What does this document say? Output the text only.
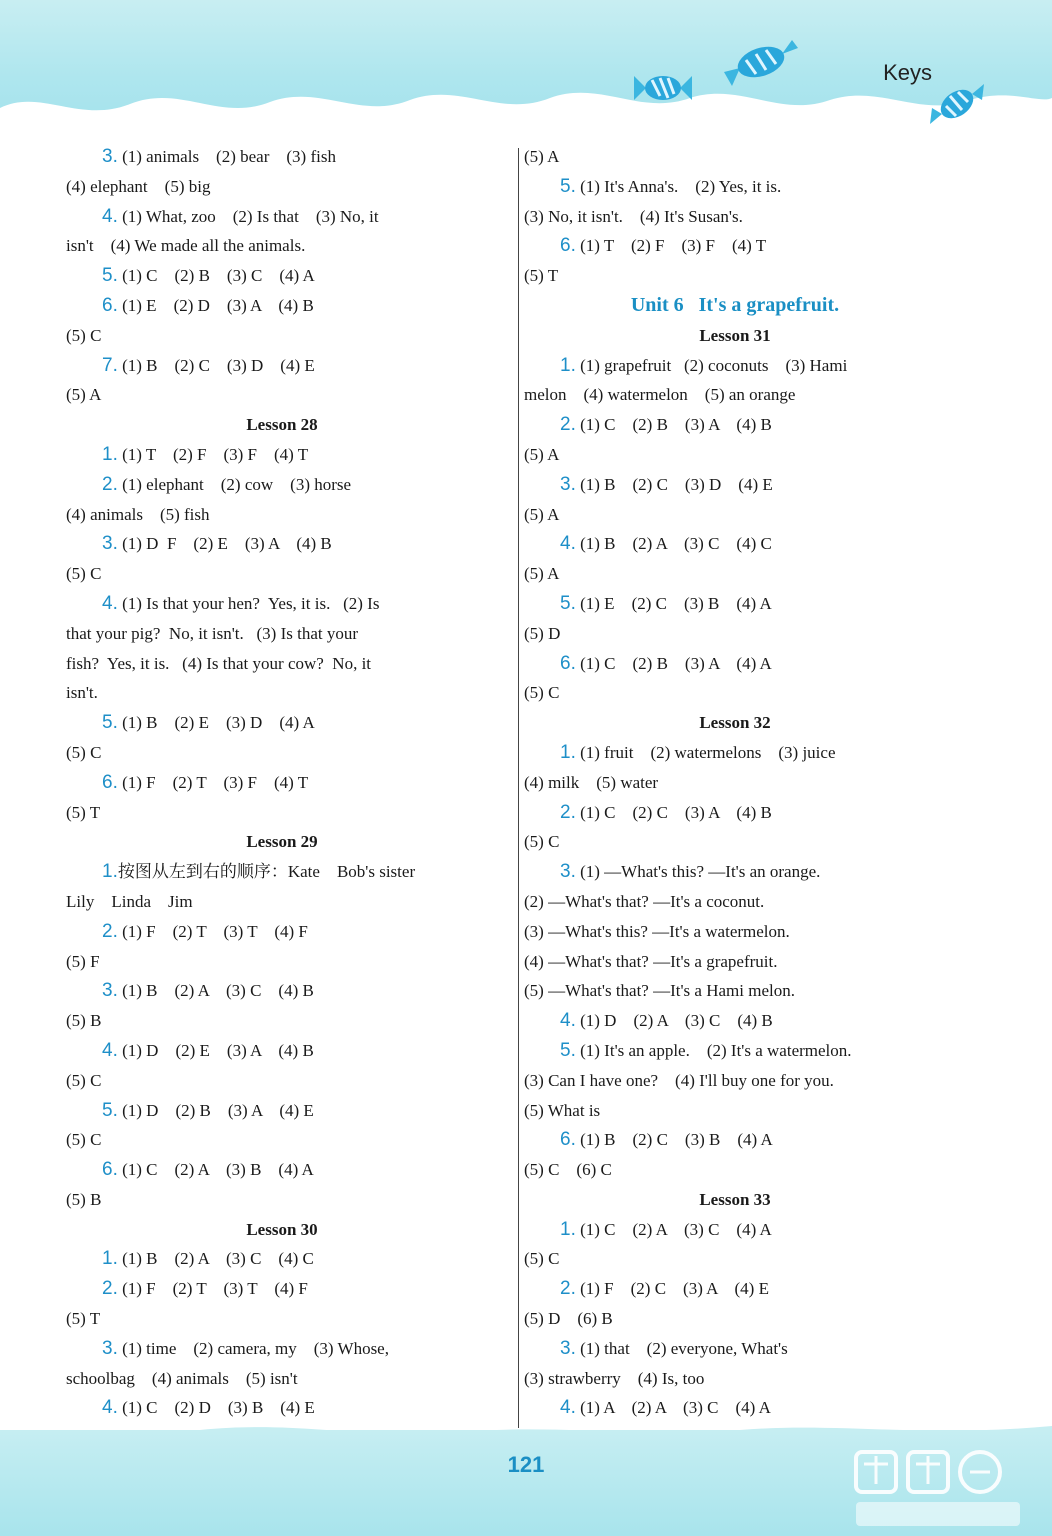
Keys
3. (1) animals    (2) bear    (3) fish
(4) elephant    (5) big
4. (1) What, zoo    (2) Is that    (3) No, it
isn't    (4) We made all the animals.
5. (1) C    (2) B    (3) C    (4) A
6. (1) E    (2) D    (3) A    (4) B
(5) C
7. (1) B    (2) C    (3) D    (4) E
(5) A
Lesson 28
1. (1) T    (2) F    (3) F    (4) T
2. (1) elephant    (2) cow    (3) horse
(4) animals    (5) fish
3. (1) D  F    (2) E    (3) A    (4) B
(5) C
4. (1) Is that your hen?  Yes, it is.   (2) Is
that your pig?  No, it isn't.   (3) Is that your
fish?  Yes, it is.   (4) Is that your cow?  No, it
isn't.
5. (1) B    (2) E    (3) D    (4) A
(5) C
6. (1) F    (2) T    (3) F    (4) T
(5) T
Lesson 29
1.按图从左到右的顺序：Kate    Bob's sister
Lily    Linda    Jim
2. (1) F    (2) T    (3) T    (4) F
(5) F
3. (1) B    (2) A    (3) C    (4) B
(5) B
4. (1) D    (2) E    (3) A    (4) B
(5) C
5. (1) D    (2) B    (3) A    (4) E
(5) C
6. (1) C    (2) A    (3) B    (4) A
(5) B
Lesson 30
1. (1) B    (2) A    (3) C    (4) C
2. (1) F    (2) T    (3) T    (4) F
(5) T
3. (1) time    (2) camera, my    (3) Whose,
schoolbag    (4) animals    (5) isn't
4. (1) C    (2) D    (3) B    (4) E
(5) A
5. (1) It's Anna's.    (2) Yes, it is.
(3) No, it isn't.    (4) It's Susan's.
6. (1) T    (2) F    (3) F    (4) T
(5) T
Unit 6   It's a grapefruit.
Lesson 31
1. (1) grapefruit   (2) coconuts    (3) Hami
melon    (4) watermelon    (5) an orange
2. (1) C    (2) B    (3) A    (4) B
(5) A
3. (1) B    (2) C    (3) D    (4) E
(5) A
4. (1) B    (2) A    (3) C    (4) C
(5) A
5. (1) E    (2) C    (3) B    (4) A
(5) D
6. (1) C    (2) B    (3) A    (4) A
(5) C
Lesson 32
1. (1) fruit    (2) watermelons    (3) juice
(4) milk    (5) water
2. (1) C    (2) C    (3) A    (4) B
(5) C
3. (1) —What's this? —It's an orange.
(2) —What's that? —It's a coconut.
(3) —What's this? —It's a watermelon.
(4) —What's that? —It's a grapefruit.
(5) —What's that? —It's a Hami melon.
4. (1) D    (2) A    (3) C    (4) B
5. (1) It's an apple.    (2) It's a watermelon.
(3) Can I have one?    (4) I'll buy one for you.
(5) What is
6. (1) B    (2) C    (3) B    (4) A
(5) C    (6) C
Lesson 33
1. (1) C    (2) A    (3) C    (4) A
(5) C
2. (1) F    (2) C    (3) A    (4) E
(5) D    (6) B
3. (1) that    (2) everyone, What's
(3) strawberry    (4) Is, too
4. (1) A    (2) A    (3) C    (4) A
121
